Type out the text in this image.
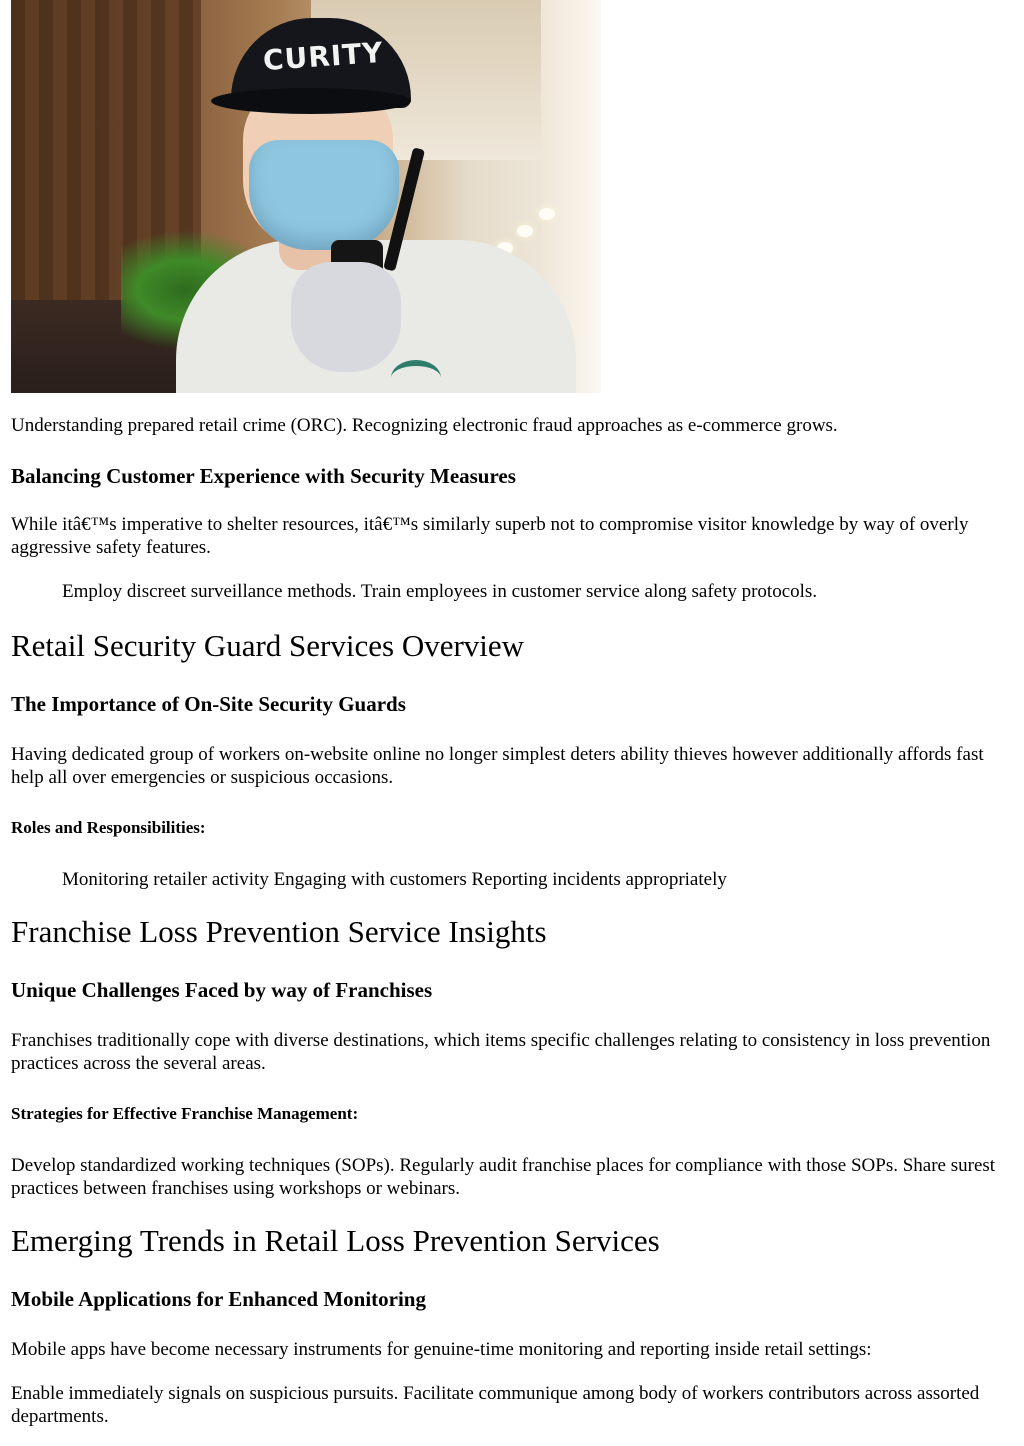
CURITY

Understanding prepared retail crime (ORC). Recognizing electronic fraud approaches as e-commerce grows.

Balancing Customer Experience with Security Measures

While itâ€™s imperative to shelter resources, itâ€™s similarly superb not to compromise visitor knowledge by way of overly aggressive safety features.

Employ discreet surveillance methods. Train employees in customer service along safety protocols.

Retail Security Guard Services Overview
The Importance of On-Site Security Guards

Having dedicated group of workers on-website online no longer simplest deters ability thieves however additionally affords fast help all over emergencies or suspicious occasions.

Roles and Responsibilities:

Monitoring retailer activity Engaging with customers Reporting incidents appropriately

Franchise Loss Prevention Service Insights
Unique Challenges Faced by way of Franchises

Franchises traditionally cope with diverse destinations, which items specific challenges relating to consistency in loss prevention practices across the several areas.

Strategies for Effective Franchise Management:

Develop standardized working techniques (SOPs). Regularly audit franchise places for compliance with those SOPs. Share surest practices between franchises using workshops or webinars.

Emerging Trends in Retail Loss Prevention Services
Mobile Applications for Enhanced Monitoring

Mobile apps have become necessary instruments for genuine-time monitoring and reporting inside retail settings:

Enable immediately signals on suspicious pursuits. Facilitate communique among body of workers contributors across assorted departments.
